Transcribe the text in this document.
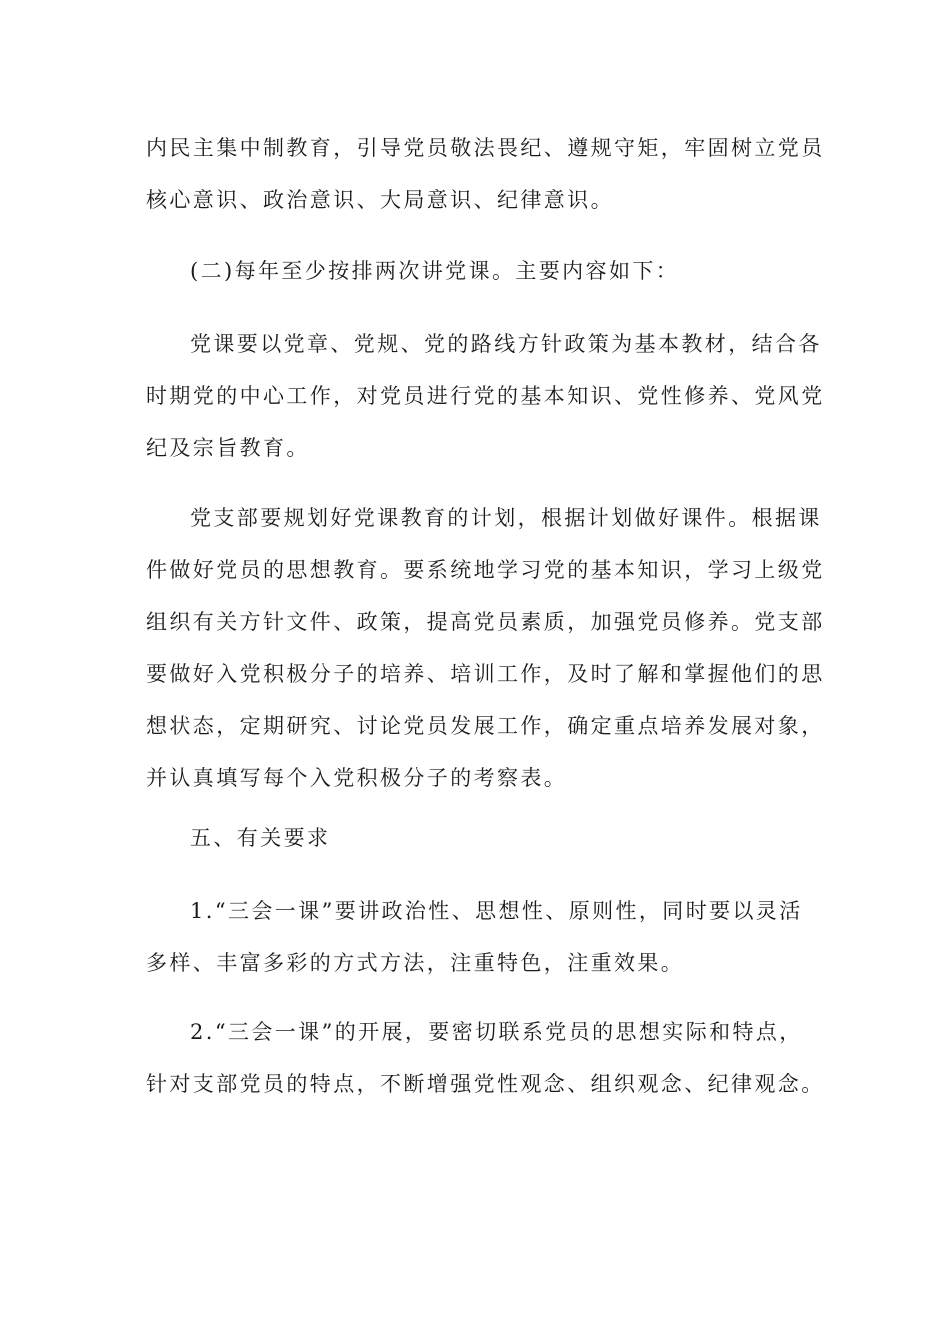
内民主集中制教育，引导党员敬法畏纪、遵规守矩，牢固树立党员
核心意识、政治意识、大局意识、纪律意识。

(二)每年至少按排两次讲党课。主要内容如下：

党课要以党章、党规、党的路线方针政策为基本教材，结合各
时期党的中心工作，对党员进行党的基本知识、党性修养、党风党
纪及宗旨教育。

党支部要规划好党课教育的计划，根据计划做好课件。根据课
件做好党员的思想教育。要系统地学习党的基本知识，学习上级党
组织有关方针文件、政策，提高党员素质，加强党员修养。党支部
要做好入党积极分子的培养、培训工作，及时了解和掌握他们的思
想状态，定期研究、讨论党员发展工作，确定重点培养发展对象，
并认真填写每个入党积极分子的考察表。

五、有关要求

1.“三会一课”要讲政治性、思想性、原则性，同时要以灵活
多样、丰富多彩的方式方法，注重特色，注重效果。

2.“三会一课”的开展，要密切联系党员的思想实际和特点，
针对支部党员的特点，不断增强党性观念、组织观念、纪律观念。
